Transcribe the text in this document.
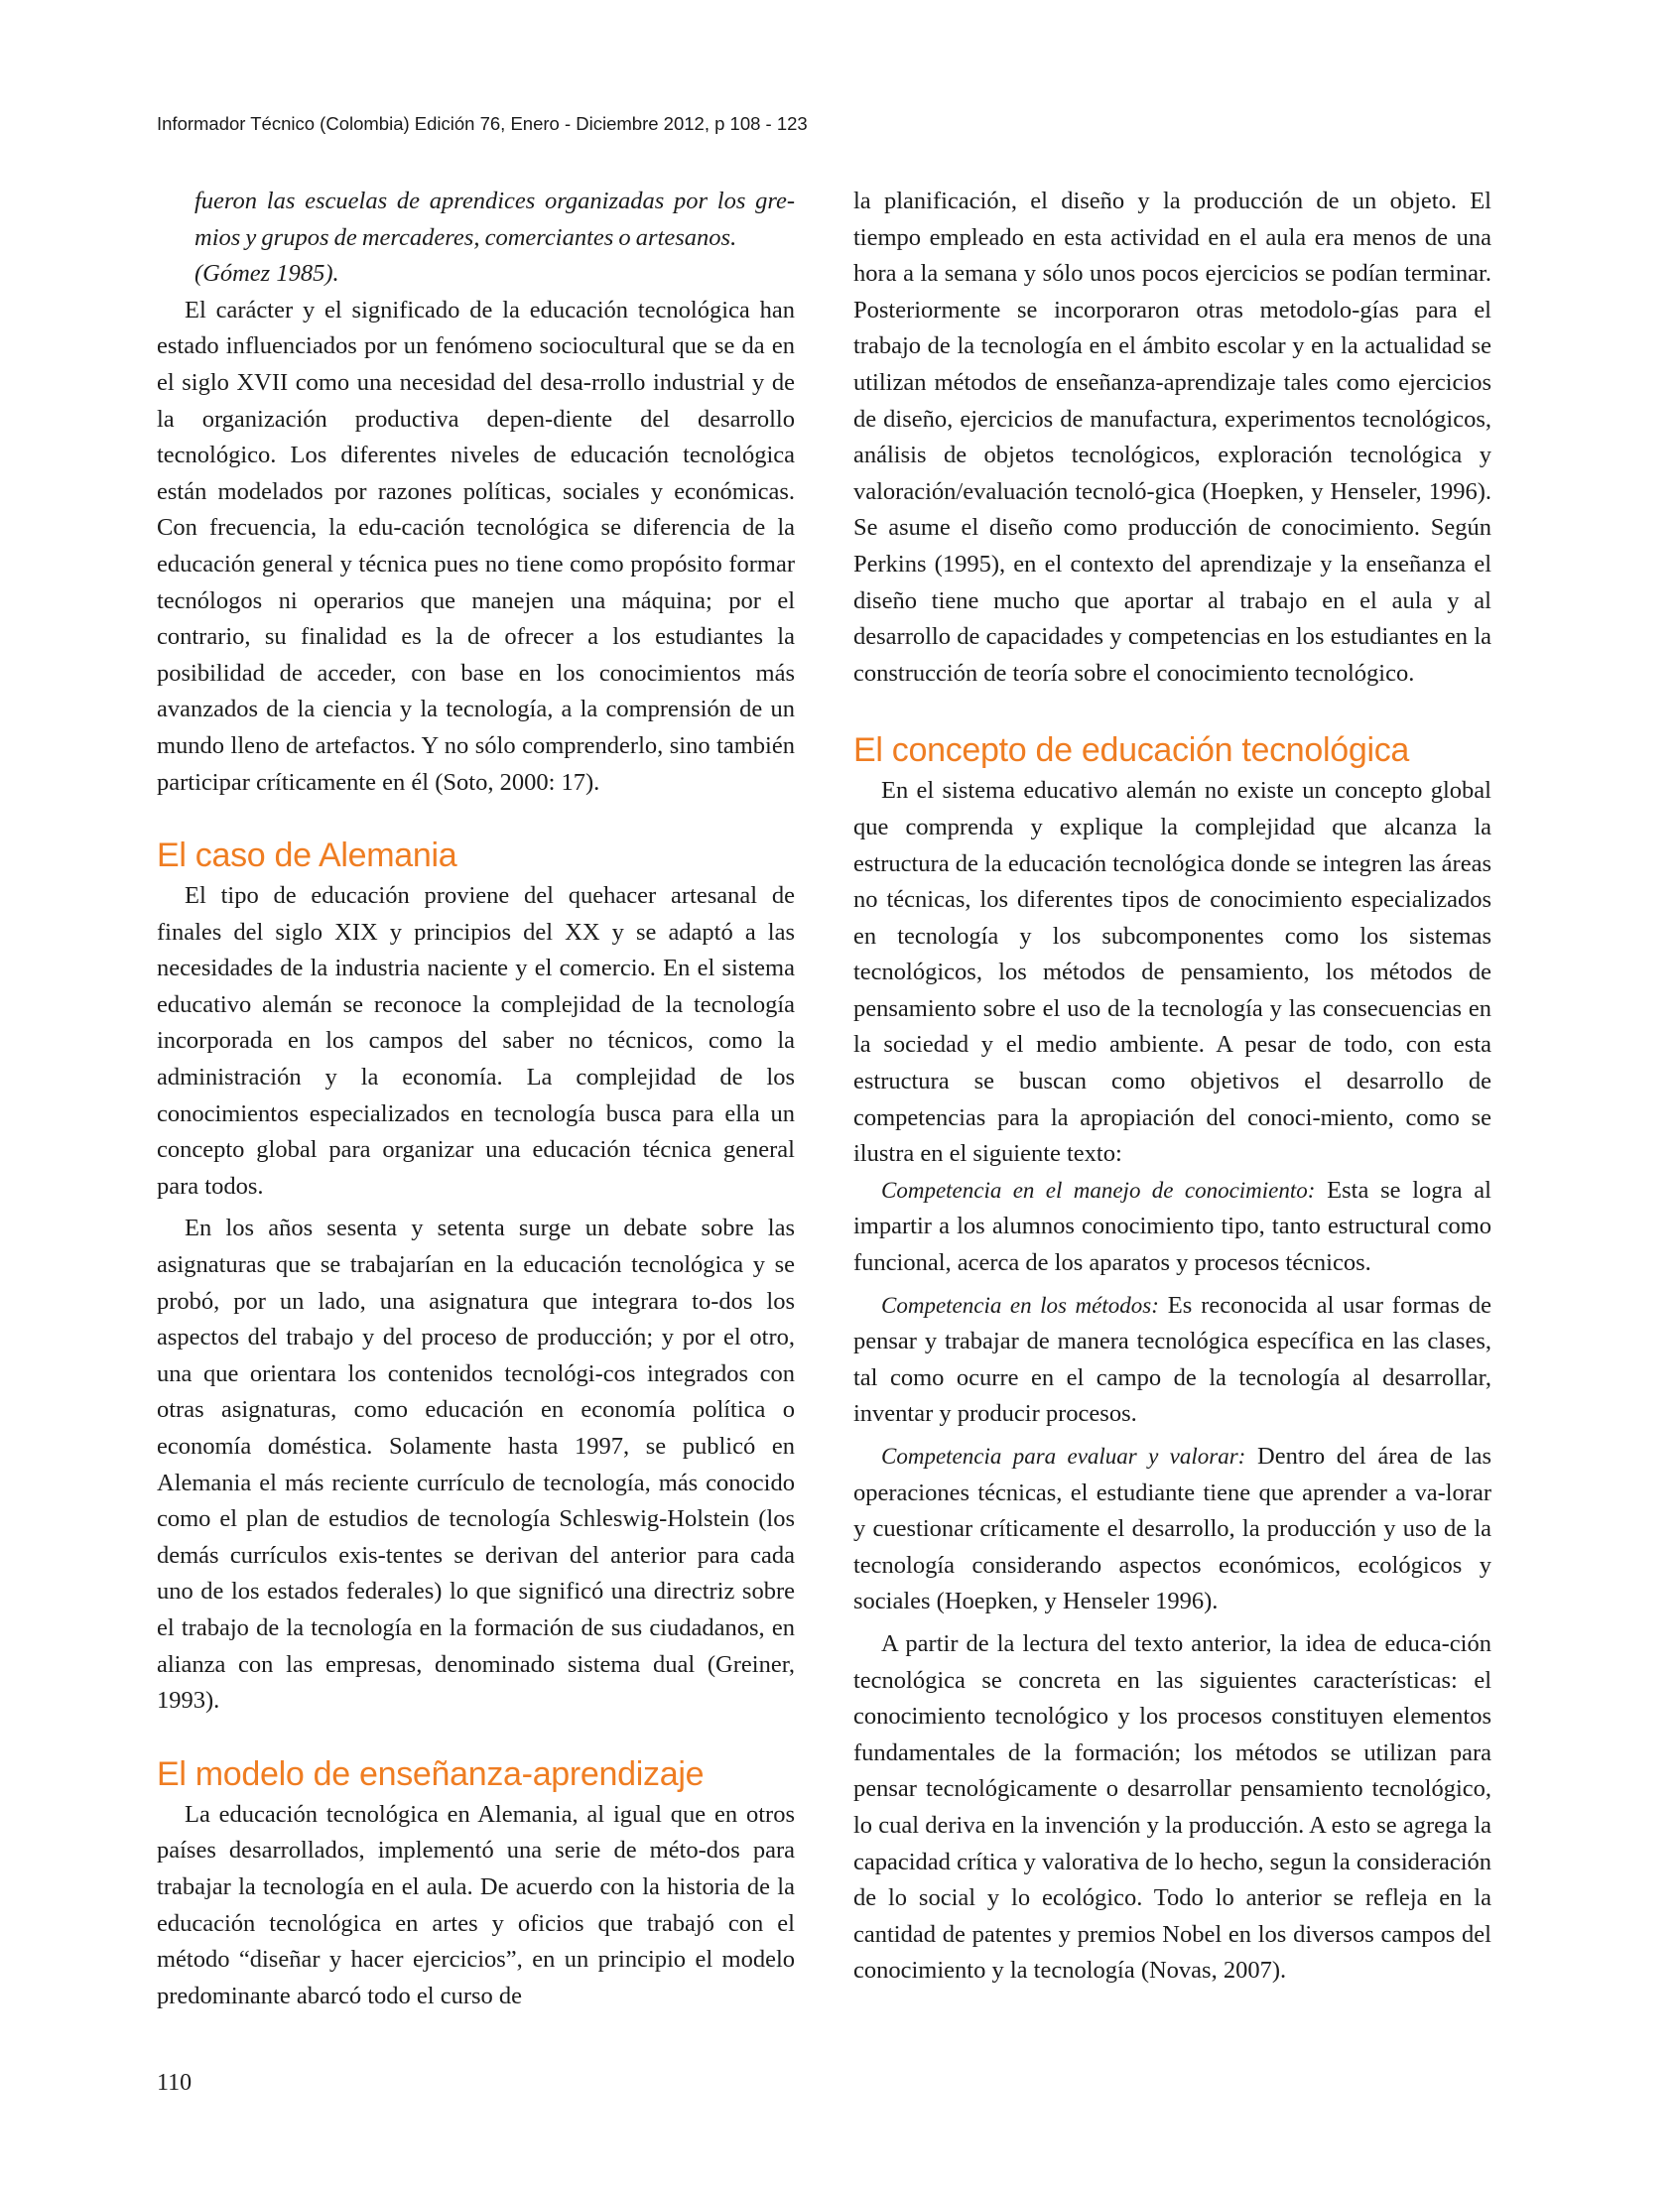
Informador Técnico (Colombia) Edición 76, Enero - Diciembre 2012, p 108 - 123

fueron las escuelas de aprendices organizadas por los gre-mios y grupos de mercaderes, comerciantes o artesanos.

(Gómez 1985).

El carácter y el significado de la educación tecnológica han estado influenciados por un fenómeno sociocultural que se da en el siglo XVII como una necesidad del desa-rrollo industrial y de la organización productiva depen-diente del desarrollo tecnológico. Los diferentes niveles de educación tecnológica están modelados por razones políticas, sociales y económicas. Con frecuencia, la edu-cación tecnológica se diferencia de la educación general y técnica pues no tiene como propósito formar tecnólogos ni operarios que manejen una máquina; por el contrario, su finalidad es la de ofrecer a los estudiantes la posibilidad de acceder, con base en los conocimientos más avanzados de la ciencia y la tecnología, a la comprensión de un mundo lleno de artefactos. Y no sólo comprenderlo, sino también participar críticamente en él (Soto, 2000: 17).

El caso de Alemania

El tipo de educación proviene del quehacer artesanal de finales del siglo XIX y principios del XX y se adaptó a las necesidades de la industria naciente y el comercio. En el sistema educativo alemán se reconoce la complejidad de la tecnología incorporada en los campos del saber no técnicos, como la administración y la economía. La complejidad de los conocimientos especializados en tecnología busca para ella un concepto global para organizar una educación técnica general para todos.

En los años sesenta y setenta surge un debate sobre las asignaturas que se trabajarían en la educación tecnológica y se probó, por un lado, una asignatura que integrara to-dos los aspectos del trabajo y del proceso de producción; y por el otro, una que orientara los contenidos tecnológi-cos integrados con otras asignaturas, como educación en economía política o economía doméstica. Solamente hasta 1997, se publicó en Alemania el más reciente currículo de tecnología, más conocido como el plan de estudios de tecnología Schleswig-Holstein (los demás currículos exis-tentes se derivan del anterior para cada uno de los estados federales) lo que significó una directriz sobre el trabajo de la tecnología en la formación de sus ciudadanos, en alianza con las empresas, denominado sistema dual (Greiner, 1993).

El modelo de enseñanza-aprendizaje

La educación tecnológica en Alemania, al igual que en otros países desarrollados, implementó una serie de méto-dos para trabajar la tecnología en el aula. De acuerdo con la historia de la educación tecnológica en artes y oficios que trabajó con el método “diseñar y hacer ejercicios”, en un principio el modelo predominante abarcó todo el curso de

la planificación, el diseño y la producción de un objeto. El tiempo empleado en esta actividad en el aula era menos de una hora a la semana y sólo unos pocos ejercicios se podían terminar. Posteriormente se incorporaron otras metodolo-gías para el trabajo de la tecnología en el ámbito escolar y en la actualidad se utilizan métodos de enseñanza-aprendizaje tales como ejercicios de diseño, ejercicios de manufactura, experimentos tecnológicos, análisis de objetos tecnológicos, exploración tecnológica y valoración/evaluación tecnoló-gica (Hoepken, y Henseler, 1996). Se asume el diseño como producción de conocimiento. Según Perkins (1995), en el contexto del aprendizaje y la enseñanza el diseño tiene mucho que aportar al trabajo en el aula y al desarrollo de capacidades y competencias en los estudiantes en la construcción de teoría sobre el conocimiento tecnológico.

El concepto de educación tecnológica

En el sistema educativo alemán no existe un concepto global que comprenda y explique la complejidad que alcanza la estructura de la educación tecnológica donde se integren las áreas no técnicas, los diferentes tipos de conocimiento especializados en tecnología y los subcomponentes como los sistemas tecnológicos, los métodos de pensamiento, los métodos de pensamiento sobre el uso de la tecnología y las consecuencias en la sociedad y el medio ambiente. A pesar de todo, con esta estructura se buscan como objetivos el desarrollo de competencias para la apropiación del conoci-miento, como se ilustra en el siguiente texto:

Competencia en el manejo de conocimiento: Esta se logra al impartir a los alumnos conocimiento tipo, tanto estructural como funcional, acerca de los aparatos y procesos técnicos.

Competencia en los métodos: Es reconocida al usar formas de pensar y trabajar de manera tecnológica específica en las clases, tal como ocurre en el campo de la tecnología al desarrollar, inventar y producir procesos.

Competencia para evaluar y valorar: Dentro del área de las operaciones técnicas, el estudiante tiene que aprender a va-lorar y cuestionar críticamente el desarrollo, la producción y uso de la tecnología considerando aspectos económicos, ecológicos y sociales (Hoepken, y Henseler 1996).

A partir de la lectura del texto anterior, la idea de educa-ción tecnológica se concreta en las siguientes características: el conocimiento tecnológico y los procesos constituyen elementos fundamentales de la formación; los métodos se utilizan para pensar tecnológicamente o desarrollar pensamiento tecnológico, lo cual deriva en la invención y la producción. A esto se agrega la capacidad crítica y valorativa de lo hecho, segun la consideración de lo social y lo ecológico. Todo lo anterior se refleja en la cantidad de patentes y premios Nobel en los diversos campos del conocimiento y la tecnología (Novas, 2007).

110
